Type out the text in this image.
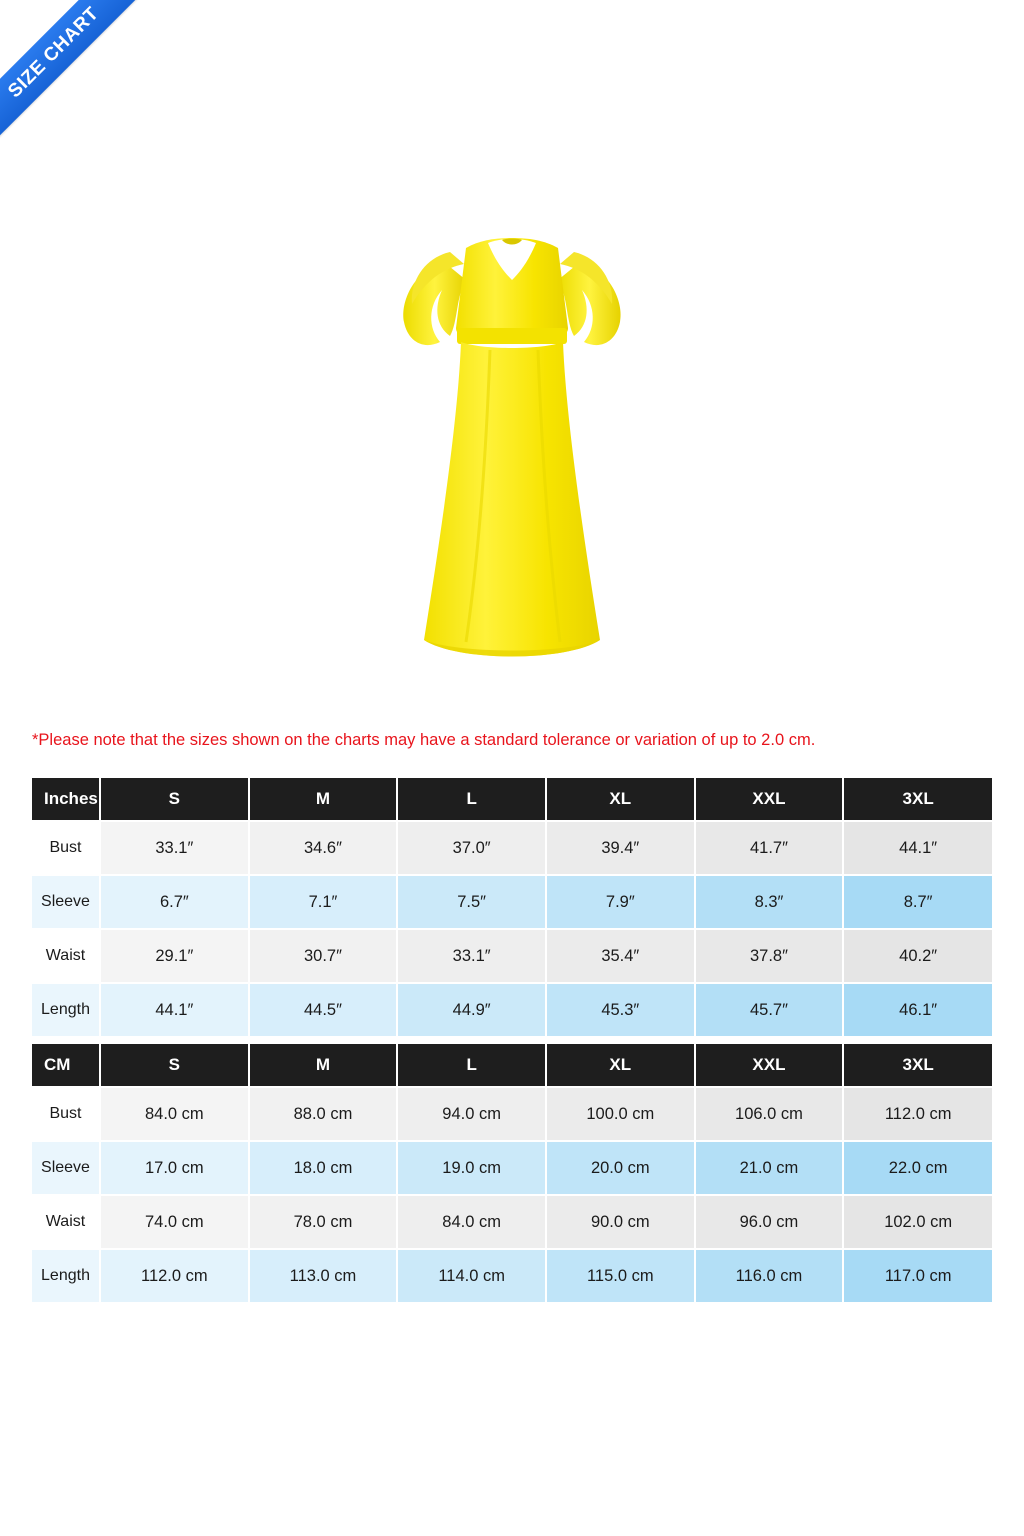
SIZE CHART
*Please note that the sizes shown on the charts may have a standard tolerance or variation of up to 2.0 cm.
Inches	S	M	L	XL	XXL	3XL
Bust	33.1″	34.6″	37.0″	39.4″	41.7″	44.1″
Sleeve	6.7″	7.1″	7.5″	7.9″	8.3″	8.7″
Waist	29.1″	30.7″	33.1″	35.4″	37.8″	40.2″
Length	44.1″	44.5″	44.9″	45.3″	45.7″	46.1″
CM	S	M	L	XL	XXL	3XL
Bust	84.0 cm	88.0 cm	94.0 cm	100.0 cm	106.0 cm	112.0 cm
Sleeve	17.0 cm	18.0 cm	19.0 cm	20.0 cm	21.0 cm	22.0 cm
Waist	74.0 cm	78.0 cm	84.0 cm	90.0 cm	96.0 cm	102.0 cm
Length	112.0 cm	113.0 cm	114.0 cm	115.0 cm	116.0 cm	117.0 cm
